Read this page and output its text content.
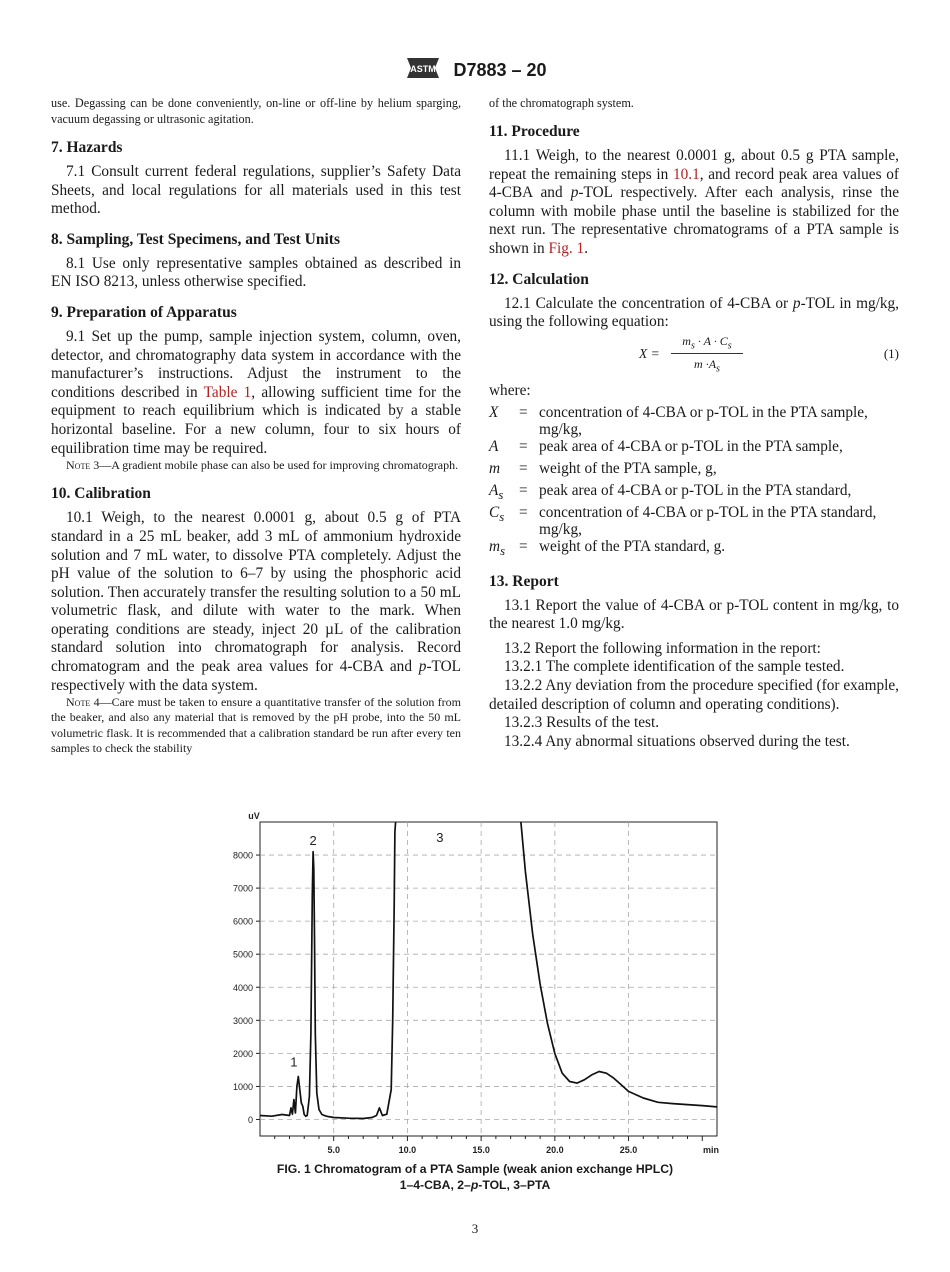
ASTM D7883 – 20

use. Degassing can be done conveniently, on-line or off-line by helium sparging, vacuum degassing or ultrasonic agitation.

7. Hazards

7.1 Consult current federal regulations, supplier’s Safety Data Sheets, and local regulations for all materials used in this test method.

8. Sampling, Test Specimens, and Test Units

8.1 Use only representative samples obtained as described in EN ISO 8213, unless otherwise specified.

9. Preparation of Apparatus

9.1 Set up the pump, sample injection system, column, oven, detector, and chromatography data system in accordance with the manufacturer’s instructions. Adjust the instrument to the conditions described in Table 1, allowing sufficient time for the equipment to reach equilibrium which is indicated by a stable horizontal baseline. For a new column, four to six hours of equilibration time may be required.

Note 3—A gradient mobile phase can also be used for improving chromatograph.

10. Calibration

10.1 Weigh, to the nearest 0.0001 g, about 0.5 g of PTA standard in a 25 mL beaker, add 3 mL of ammonium hydroxide solution and 7 mL water, to dissolve PTA completely. Adjust the pH value of the solution to 6–7 by using the phosphoric acid solution. Then accurately transfer the resulting solution to a 50 mL volumetric flask, and dilute with water to the mark. When operating conditions are steady, inject 20 µL of the calibration standard solution into chromatograph for analysis. Record chromatogram and the peak area values for 4-CBA and p-TOL respectively with the data system.

Note 4—Care must be taken to ensure a quantitative transfer of the solution from the beaker, and also any material that is removed by the pH probe, into the 50 mL volumetric flask. It is recommended that a calibration standard be run after every ten samples to check the stability

of the chromatograph system.

11. Procedure

11.1 Weigh, to the nearest 0.0001 g, about 0.5 g PTA sample, repeat the remaining steps in 10.1, and record peak area values of 4-CBA and p-TOL respectively. After each analysis, rinse the column with mobile phase until the baseline is stabilized for the next run. The representative chromatograms of a PTA sample is shown in Fig. 1.

12. Calculation

12.1 Calculate the concentration of 4-CBA or p-TOL in mg/kg, using the following equation:

$X = \frac{m_s \cdot A \cdot C_s}{m \cdot A_s}$	(1)

where:

X	= concentration of 4-CBA or p-TOL in the PTA sample, mg/kg,
A	= peak area of 4-CBA or p-TOL in the PTA sample,
m	= weight of the PTA sample, g,
$A_s$	= peak area of 4-CBA or p-TOL in the PTA standard,
$C_s$ = concentration of 4-CBA or p-TOL in the PTA standard, mg/kg,
$m_s$ = weight of the PTA standard, g.
13. Report

13.1 Report the value of 4-CBA or p-TOL content in mg/kg, to the nearest 1.0 mg/kg.

13.2 Report the following information in the report:

13.2.1 The complete identification of the sample tested.

13.2.2 Any deviation from the procedure specified (for example, detailed description of column and operating conditions).

13.2.3 Results of the test.

13.2.4 Any abnormal situations observed during the test.

0
1000
2000
3000
4000
5000
6000
7000
8000
5.0	10.0	15.0	20.0	25.0	min
uV
1
2	3
FIG. 1 Chromatogram of a PTA Sample (weak anion exchange HPLC)
1–4-CBA, 2–p-TOL, 3–PTA
3
